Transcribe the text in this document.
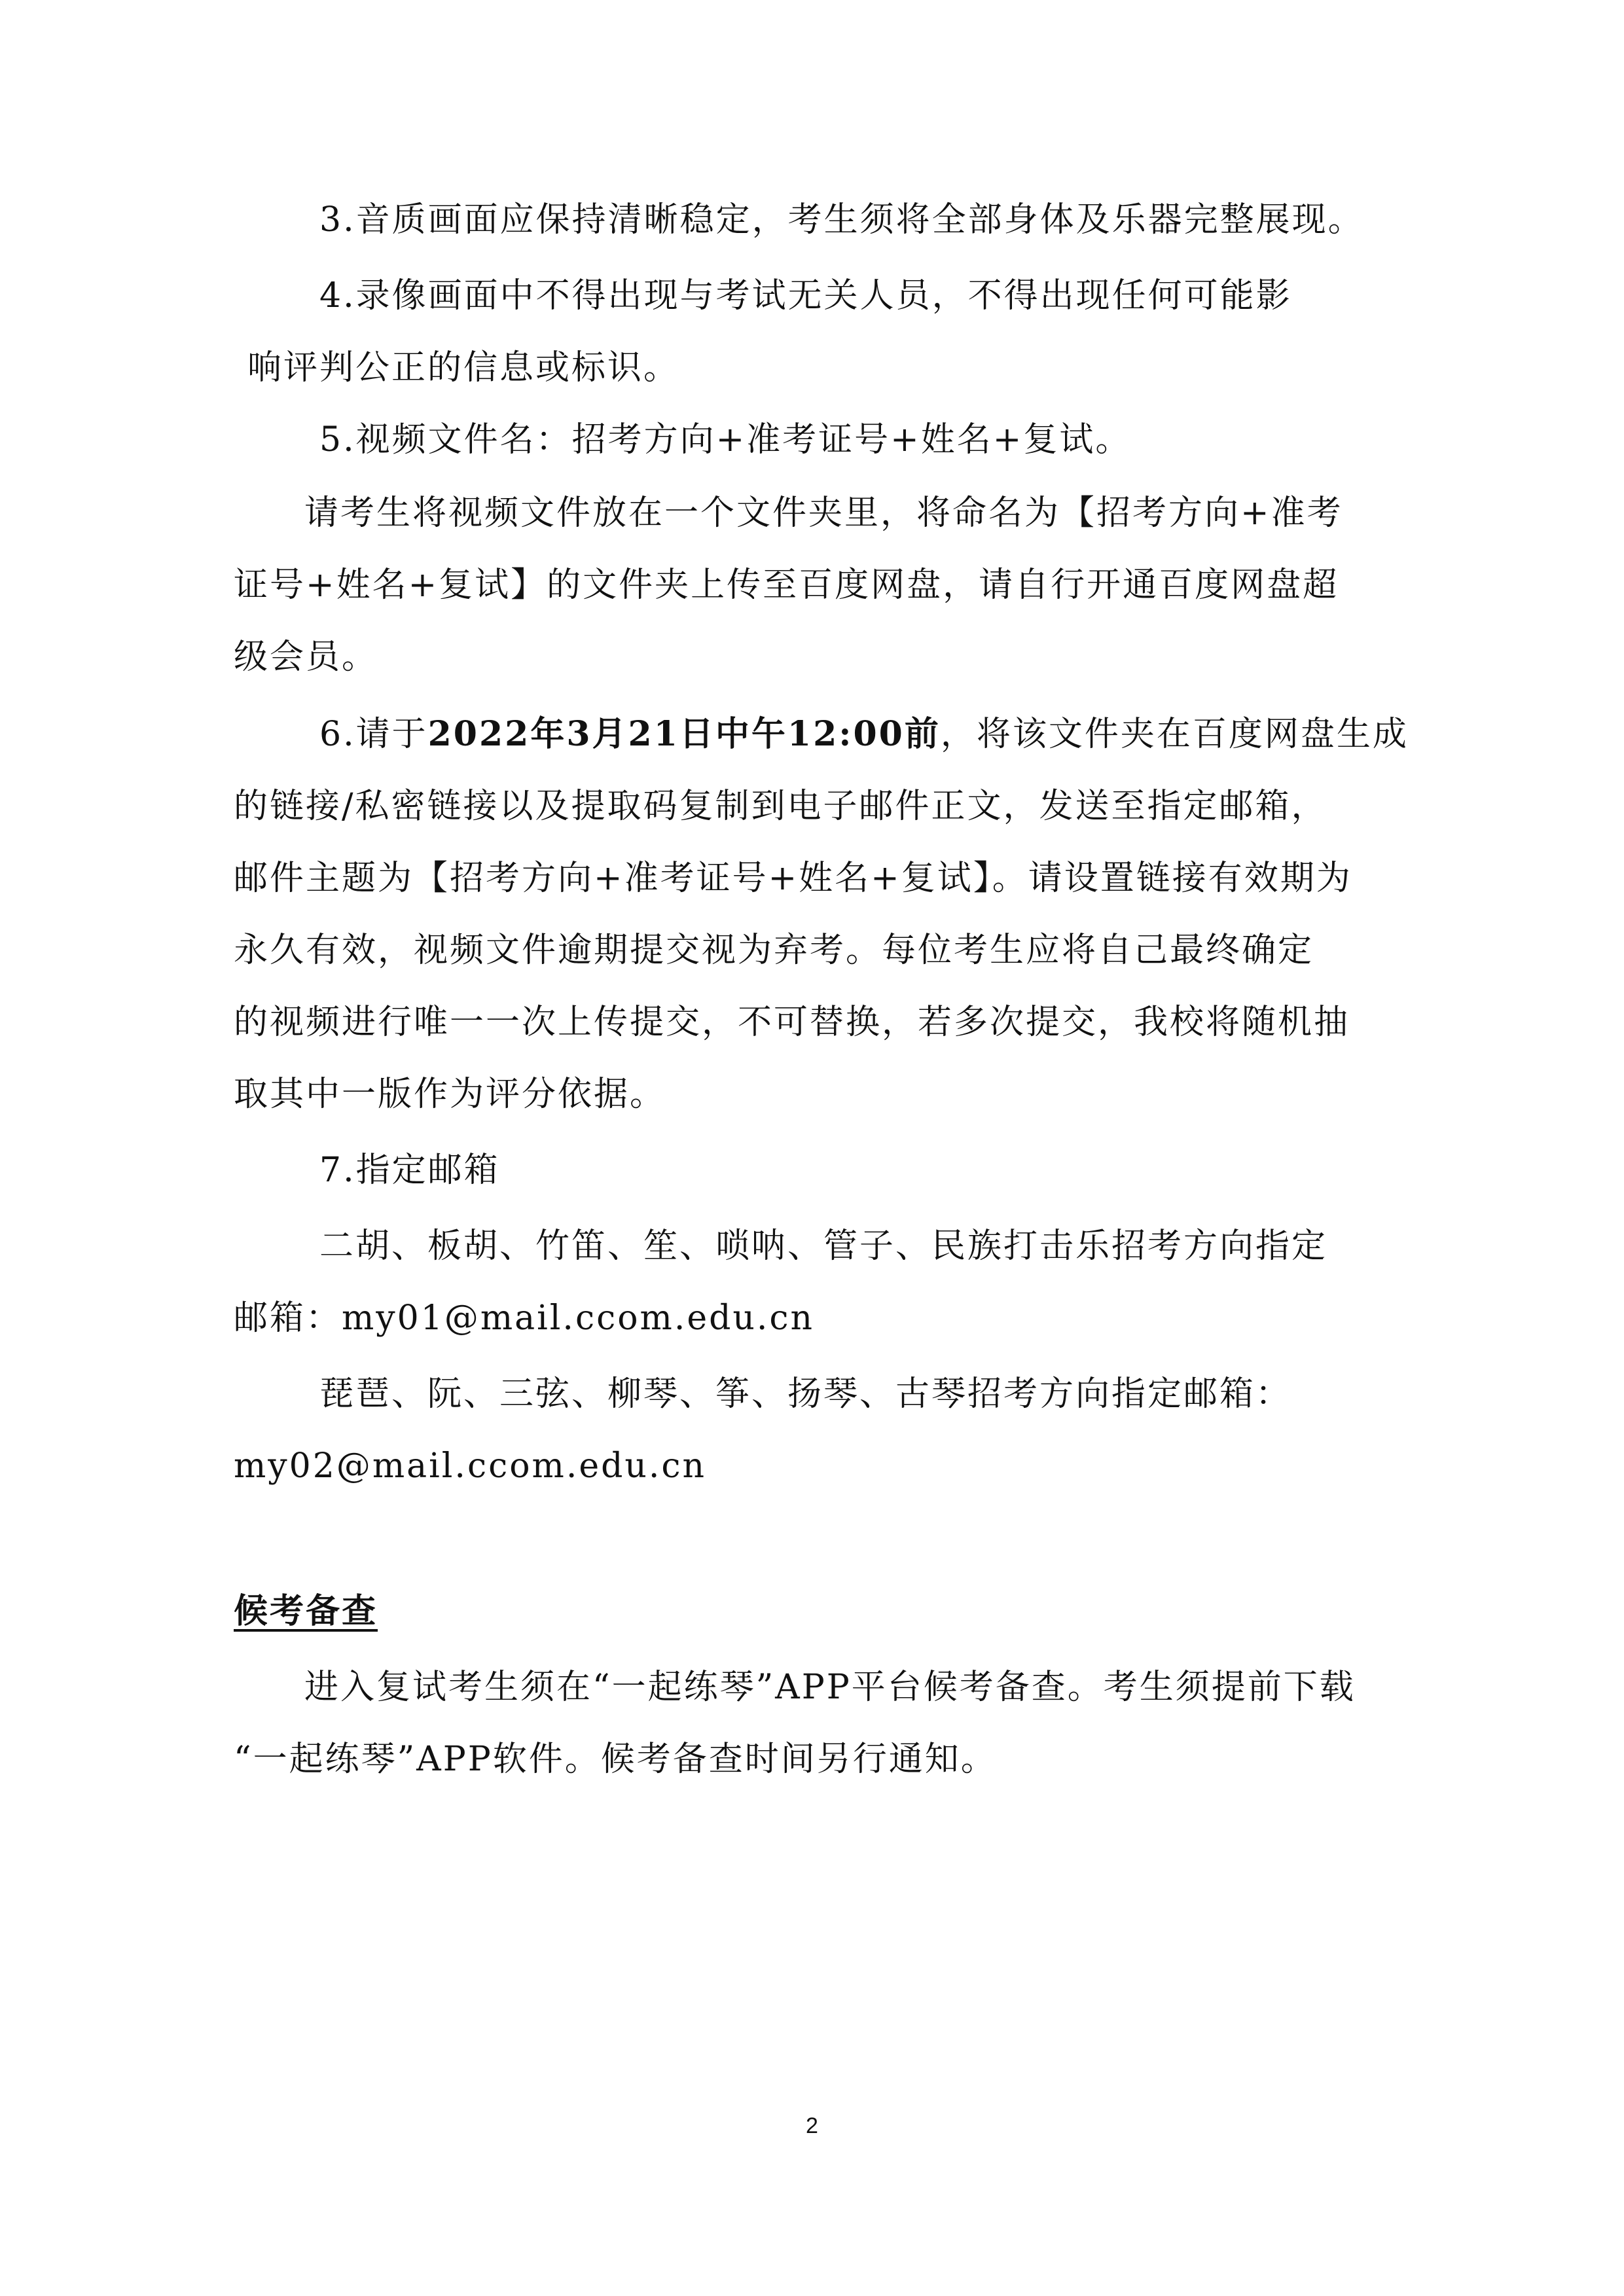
3.音质画面应保持清晰稳定，考生须将全部身体及乐器完整展现。
4.录像画面中不得出现与考试无关人员，不得出现任何可能影
响评判公正的信息或标识。
5.视频文件名：招考方向+准考证号+姓名+复试。
请考生将视频文件放在一个文件夹里，将命名为【招考方向+准考
证号+姓名+复试】的文件夹上传至百度网盘，请自行开通百度网盘超
级会员。
6.请于2022年3月21日中午12:00前，将该文件夹在百度网盘生成
的链接/私密链接以及提取码复制到电子邮件正文，发送至指定邮箱，
邮件主题为【招考方向+准考证号+姓名+复试】。请设置链接有效期为
永久有效，视频文件逾期提交视为弃考。每位考生应将自己最终确定
的视频进行唯一一次上传提交，不可替换，若多次提交，我校将随机抽
取其中一版作为评分依据。
7.指定邮箱
二胡、板胡、竹笛、笙、唢呐、管子、民族打击乐招考方向指定
邮箱：my01@mail.ccom.edu.cn
琵琶、阮、三弦、柳琴、筝、扬琴、古琴招考方向指定邮箱：
my02@mail.ccom.edu.cn
候考备查
进入复试考生须在“一起练琴”APP平台候考备查。考生须提前下载
“一起练琴”APP软件。候考备查时间另行通知。
2
